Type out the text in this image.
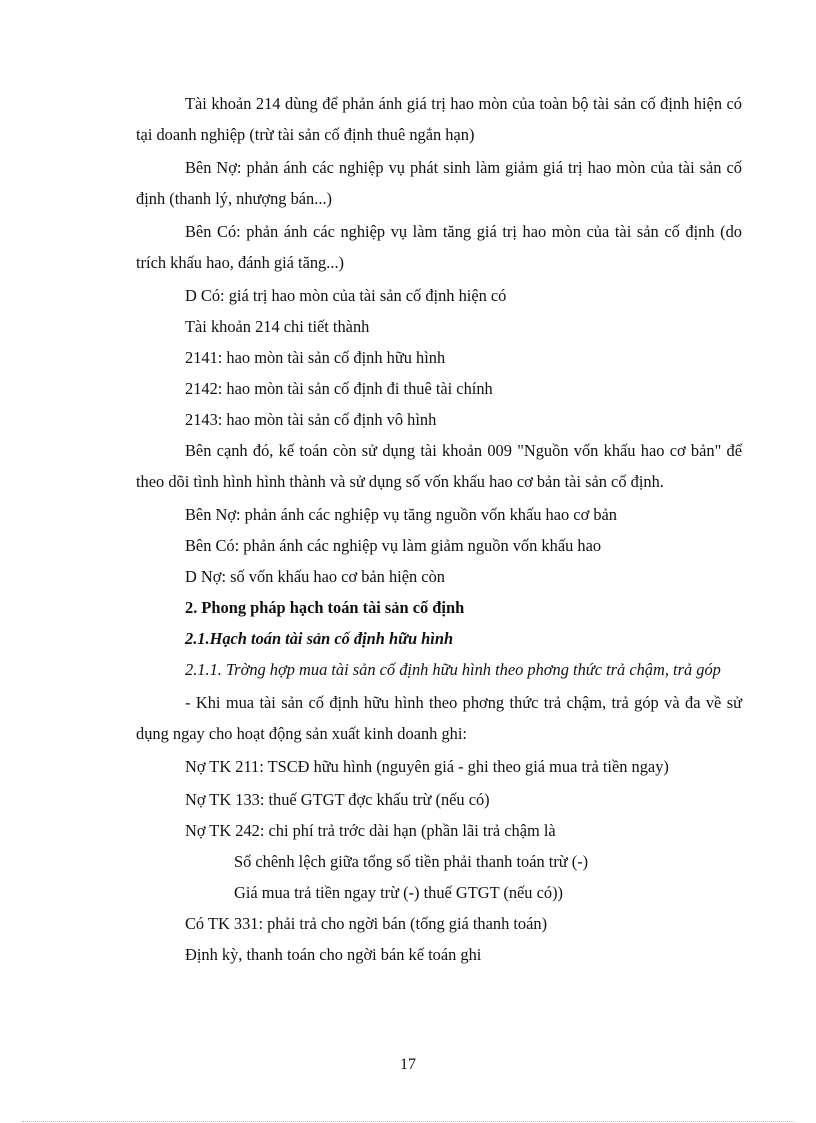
Tài khoản 214 dùng để phản ánh giá trị hao mòn của toàn bộ tài sản cố định hiện có tại doanh nghiệp (trừ tài sản cố định thuê ngắn hạn)

Bên Nợ: phản ánh các nghiệp vụ phát sinh làm giảm giá trị hao mòn của tài sản cố định (thanh lý, nhượng bán...)

Bên Có: phản ánh các nghiệp vụ làm tăng giá trị hao mòn của tài sản cố định (do trích khấu hao, đánh giá tăng...)

D Có: giá trị hao mòn của tài sản cố định hiện có

Tài khoản 214 chi tiết thành

2141: hao mòn tài sản cố định hữu hình

2142: hao mòn tài sản cố định đi thuê tài chính

2143: hao mòn tài sản cố định vô hình

Bên cạnh đó, kế toán còn sử dụng tài khoản 009 "Nguồn vốn khấu hao cơ bản" để theo dõi tình hình hình thành và sử dụng số vốn khấu hao cơ bản tài sản cố định.

Bên Nợ: phản ánh các nghiệp vụ tăng nguồn vốn khấu hao cơ bản

Bên Có: phản ánh các nghiệp vụ làm giảm nguồn vốn khấu hao

D Nợ: số vốn khấu hao cơ bản hiện còn

2. Phong pháp hạch toán tài sản cố định

2.1.Hạch toán tài sản cố định hữu hình

2.1.1. Trờng hợp mua tài sản cố định hữu hình theo phơng thức trả chậm, trả góp

- Khi mua tài sản cố định hữu hình theo phơng thức trả chậm, trả góp và đa về sử dụng ngay cho hoạt động sản xuất kinh doanh ghi:

Nợ TK 211: TSCĐ hữu hình (nguyên giá - ghi theo giá mua trả tiền ngay)

Nợ TK 133: thuế GTGT đợc khấu trừ (nếu có)

Nợ TK 242: chi phí trả trớc dài hạn (phần lãi trả chậm là

Số chênh lệch giữa tổng số tiền phải thanh toán trừ (-)

Giá mua trả tiền ngay trừ (-) thuế GTGT (nếu có))

Có TK 331: phải trả cho ngời bán (tổng giá thanh toán)

Định kỳ, thanh toán cho ngời bán kế toán ghi

17
